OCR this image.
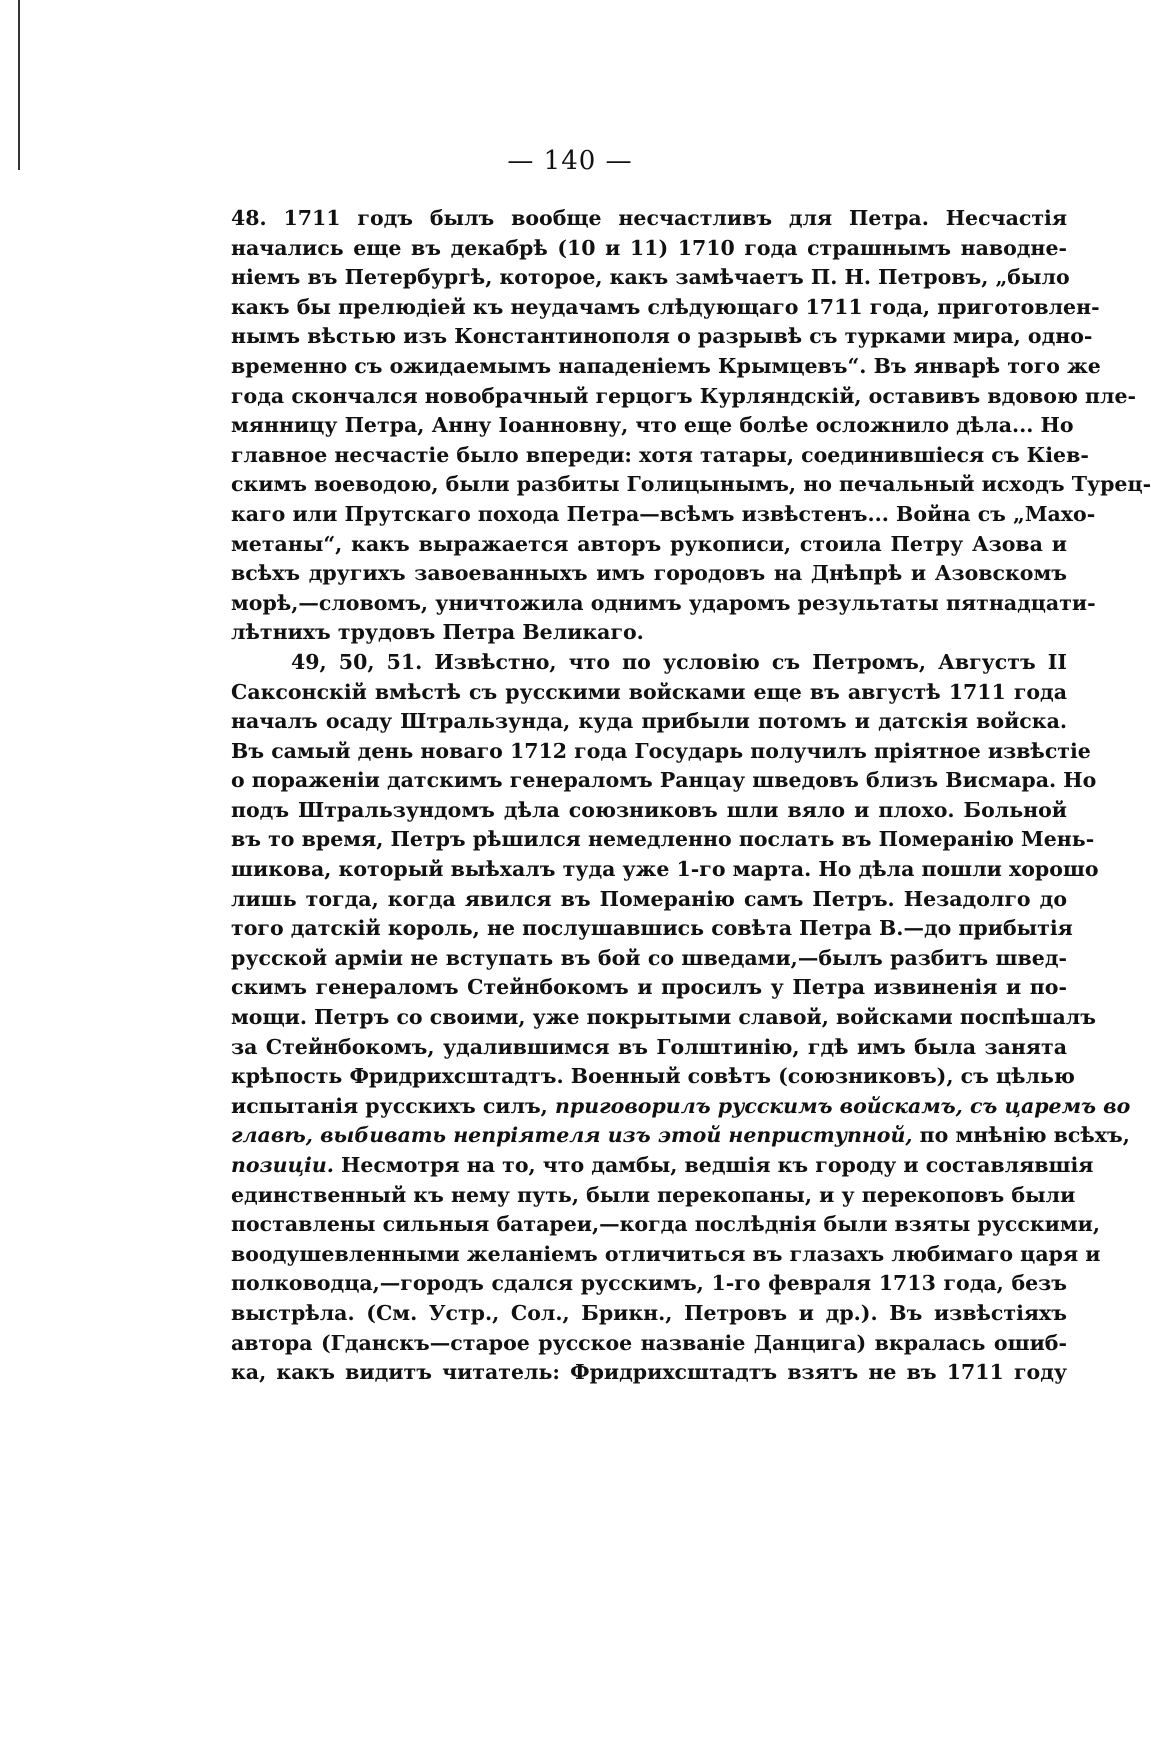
— 140 —
48. 1711 годъ былъ вообще несчастливъ для Петра. Несчастія
начались еще въ декабрѣ (10 и 11) 1710 года страшнымъ наводне-
ніемъ въ Петербургѣ, которое, какъ замѣчаетъ П. Н. Петровъ, „было
какъ бы прелюдіей къ неудачамъ слѣдующаго 1711 года, приготовлен-
нымъ вѣстью изъ Константинополя о разрывѣ съ турками мира, одно-
временно съ ожидаемымъ нападеніемъ Крымцевъ“. Въ январѣ того же
года скончался новобрачный герцогъ Курляндскій, оставивъ вдовою пле-
мянницу Петра, Анну Іоанновну, что еще болѣе осложнило дѣла... Но
главное несчастіе было впереди: хотя татары, соединившіеся съ Кіев-
скимъ воеводою, были разбиты Голицынымъ, но печальный исходъ Турец-
каго или Прутскаго похода Петра—всѣмъ извѣстенъ... Война съ „Махо-
метаны“, какъ выражается авторъ рукописи, стоила Петру Азова и
всѣхъ другихъ завоеванныхъ имъ городовъ на Днѣпрѣ и Азовскомъ
морѣ,—словомъ, уничтожила однимъ ударомъ результаты пятнадцати-
лѣтнихъ трудовъ Петра Великаго.
49, 50, 51. Извѣстно, что по условію съ Петромъ, Августъ II
Саксонскій вмѣстѣ съ русскими войсками еще въ августѣ 1711 года
началъ осаду Штральзунда, куда прибыли потомъ и датскія войска.
Въ самый день новаго 1712 года Государь получилъ пріятное извѣстіе
о пораженіи датскимъ генераломъ Ранцау шведовъ близъ Висмара. Но
подъ Штральзундомъ дѣла союзниковъ шли вяло и плохо. Больной
въ то время, Петръ рѣшился немедленно послать въ Померанію Мень-
шикова, который выѣхалъ туда уже 1-го марта. Но дѣла пошли хорошо
лишь тогда, когда явился въ Померанію самъ Петръ. Незадолго до
того датскій король, не послушавшись совѣта Петра В.—до прибытія
русской арміи не вступать въ бой со шведами,—былъ разбитъ швед-
скимъ генераломъ Стейнбокомъ и просилъ у Петра извиненія и по-
мощи. Петръ со своими, уже покрытыми славой, войсками поспѣшалъ
за Стейнбокомъ, удалившимся въ Голштинію, гдѣ имъ была занята
крѣпость Фридрихсштадтъ. Военный совѣтъ (союзниковъ), съ цѣлью
испытанія русскихъ силъ, приговорилъ русскимъ войскамъ, съ царемъ во
главѣ, выбивать непріятеля изъ этой неприступной, по мнѣнію всѣхъ,
позиціи. Несмотря на то, что дамбы, ведшія къ городу и составлявшія
единственный къ нему путь, были перекопаны, и у перекоповъ были
поставлены сильныя батареи,—когда послѣднія были взяты русскими,
воодушевленными желаніемъ отличиться въ глазахъ любимаго царя и
полководца,—городъ сдался русскимъ, 1-го февраля 1713 года, безъ
выстрѣла. (См. Устр., Сол., Брикн., Петровъ и др.). Въ извѣстіяхъ
автора (Гданскъ—старое русское названіе Данцига) вкралась ошиб-
ка, какъ видитъ читатель: Фридрихсштадтъ взятъ не въ 1711 году
